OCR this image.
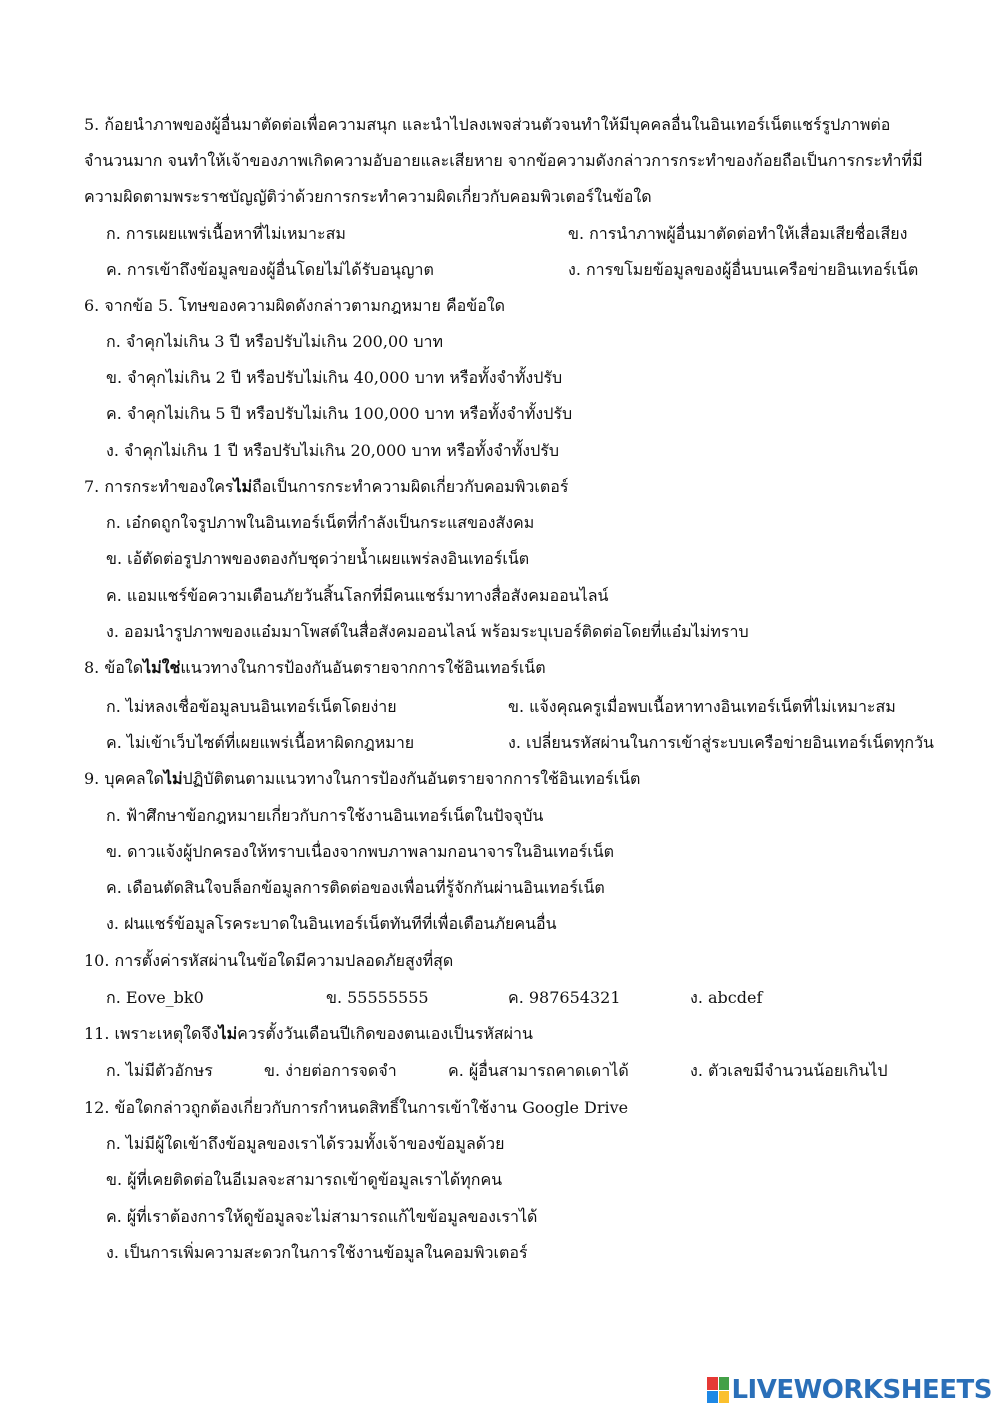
5. ก้อยนำภาพของผู้อื่นมาตัดต่อเพื่อความสนุก และนำไปลงเพจส่วนตัวจนทำให้มีบุคคลอื่นในอินเทอร์เน็ตแชร์รูปภาพต่อ
จำนวนมาก จนทำให้เจ้าของภาพเกิดความอับอายและเสียหาย จากข้อความดังกล่าวการกระทำของก้อยถือเป็นการกระทำที่มี
ความผิดตามพระราชบัญญัติว่าด้วยการกระทำความผิดเกี่ยวกับคอมพิวเตอร์ในข้อใด
ก. การเผยแพร่เนื้อหาที่ไม่เหมาะสม	ข. การนำภาพผู้อื่นมาตัดต่อทำให้เสื่อมเสียชื่อเสียง
ค. การเข้าถึงข้อมูลของผู้อื่นโดยไม่ได้รับอนุญาต	ง. การขโมยข้อมูลของผู้อื่นบนเครือข่ายอินเทอร์เน็ต
6. จากข้อ 5. โทษของความผิดดังกล่าวตามกฎหมาย คือข้อใด
ก. จำคุกไม่เกิน 3 ปี หรือปรับไม่เกิน 200,00 บาท
ข. จำคุกไม่เกิน 2 ปี หรือปรับไม่เกิน 40,000 บาท หรือทั้งจำทั้งปรับ
ค. จำคุกไม่เกิน 5 ปี หรือปรับไม่เกิน 100,000 บาท หรือทั้งจำทั้งปรับ
ง. จำคุกไม่เกิน 1 ปี หรือปรับไม่เกิน 20,000 บาท หรือทั้งจำทั้งปรับ
7. การกระทำของใครไม่ถือเป็นการกระทำความผิดเกี่ยวกับคอมพิวเตอร์
ก. เอ๋กดถูกใจรูปภาพในอินเทอร์เน็ตที่กำลังเป็นกระแสของสังคม
ข. เอ้ตัดต่อรูปภาพของตองกับชุดว่ายน้ำเผยแพร่ลงอินเทอร์เน็ต
ค. แอมแชร์ข้อความเตือนภัยวันสิ้นโลกที่มีคนแชร์มาทางสื่อสังคมออนไลน์
ง. ออมนำรูปภาพของแอ๋มมาโพสต์ในสื่อสังคมออนไลน์ พร้อมระบุเบอร์ติดต่อโดยที่แอ๋มไม่ทราบ
8. ข้อใดไม่ใช่แนวทางในการป้องกันอันตรายจากการใช้อินเทอร์เน็ต
ก. ไม่หลงเชื่อข้อมูลบนอินเทอร์เน็ตโดยง่าย	ข. แจ้งคุณครูเมื่อพบเนื้อหาทางอินเทอร์เน็ตที่ไม่เหมาะสม
ค. ไม่เข้าเว็บไซต์ที่เผยแพร่เนื้อหาผิดกฎหมาย	ง. เปลี่ยนรหัสผ่านในการเข้าสู่ระบบเครือข่ายอินเทอร์เน็ตทุกวัน
9. บุคคลใดไม่ปฏิบัติตนตามแนวทางในการป้องกันอันตรายจากการใช้อินเทอร์เน็ต
ก. ฟ้าศึกษาข้อกฎหมายเกี่ยวกับการใช้งานอินเทอร์เน็ตในปัจจุบัน
ข. ดาวแจ้งผู้ปกครองให้ทราบเนื่องจากพบภาพลามกอนาจารในอินเทอร์เน็ต
ค. เดือนตัดสินใจบล็อกข้อมูลการติดต่อของเพื่อนที่รู้จักกันผ่านอินเทอร์เน็ต
ง. ฝนแชร์ข้อมูลโรคระบาดในอินเทอร์เน็ตทันทีที่เพื่อเตือนภัยคนอื่น
10. การตั้งค่ารหัสผ่านในข้อใดมีความปลอดภัยสูงที่สุด
ก. Eove_bk0	ข. 55555555	ค. 987654321	ง. abcdef
11. เพราะเหตุใดจึงไม่ควรตั้งวันเดือนปีเกิดของตนเองเป็นรหัสผ่าน
ก. ไม่มีตัวอักษร	ข. ง่ายต่อการจดจำ	ค. ผู้อื่นสามารถคาดเดาได้	ง. ตัวเลขมีจำนวนน้อยเกินไป
12. ข้อใดกล่าวถูกต้องเกี่ยวกับการกำหนดสิทธิ์ในการเข้าใช้งาน Google Drive
ก. ไม่มีผู้ใดเข้าถึงข้อมูลของเราได้รวมทั้งเจ้าของข้อมูลด้วย
ข. ผู้ที่เคยติดต่อในอีเมลจะสามารถเข้าดูข้อมูลเราได้ทุกคน
ค. ผู้ที่เราต้องการให้ดูข้อมูลจะไม่สามารถแก้ไขข้อมูลของเราได้
ง. เป็นการเพิ่มความสะดวกในการใช้งานข้อมูลในคอมพิวเตอร์
LIVEWORKSHEETS
